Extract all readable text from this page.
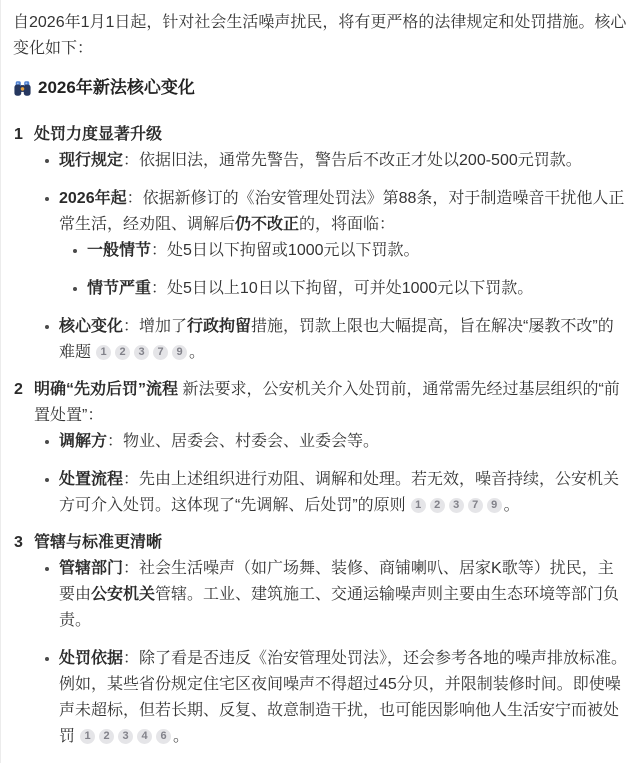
自2026年1月1日起，针对社会生活噪声扰民，将有更严格的法律规定和处罚措施。核心变化如下：

2026年新法核心变化
1 处罚力度显著升级
现行规定：依据旧法，通常先警告，警告后不改正才处以200-500元罚款。
2026年起：依据新修订的《治安管理处罚法》第88条，对于制造噪音干扰他人正常生活，经劝阻、调解后仍不改正的，将面临：
一般情节：处5日以下拘留或1000元以下罚款。
情节严重：处5日以上10日以下拘留，可并处1000元以下罚款。
核心变化：增加了行政拘留措施，罚款上限也大幅提高，旨在解决“屡教不改”的难题 1 2 3 7 9 。
2 明确“先劝后罚”流程 新法要求，公安机关介入处罚前，通常需先经过基层组织的“前置处置”：
调解方：物业、居委会、村委会、业委会等。
处置流程：先由上述组织进行劝阻、调解和处理。若无效，噪音持续，公安机关方可介入处罚。这体现了“先调解、后处罚”的原则 1 2 3 7 9 。
3 管辖与标准更清晰
管辖部门：社会生活噪声（如广场舞、装修、商铺喇叭、居家K歌等）扰民，主要由公安机关管辖。工业、建筑施工、交通运输噪声则主要由生态环境等部门负责。
处罚依据：除了看是否违反《治安管理处罚法》，还会参考各地的噪声排放标准。例如，某些省份规定住宅区夜间噪声不得超过45分贝，并限制装修时间。即使噪声未超标，但若长期、反复、故意制造干扰，也可能因影响他人生活安宁而被处罚 1 2 3 4 6 。
